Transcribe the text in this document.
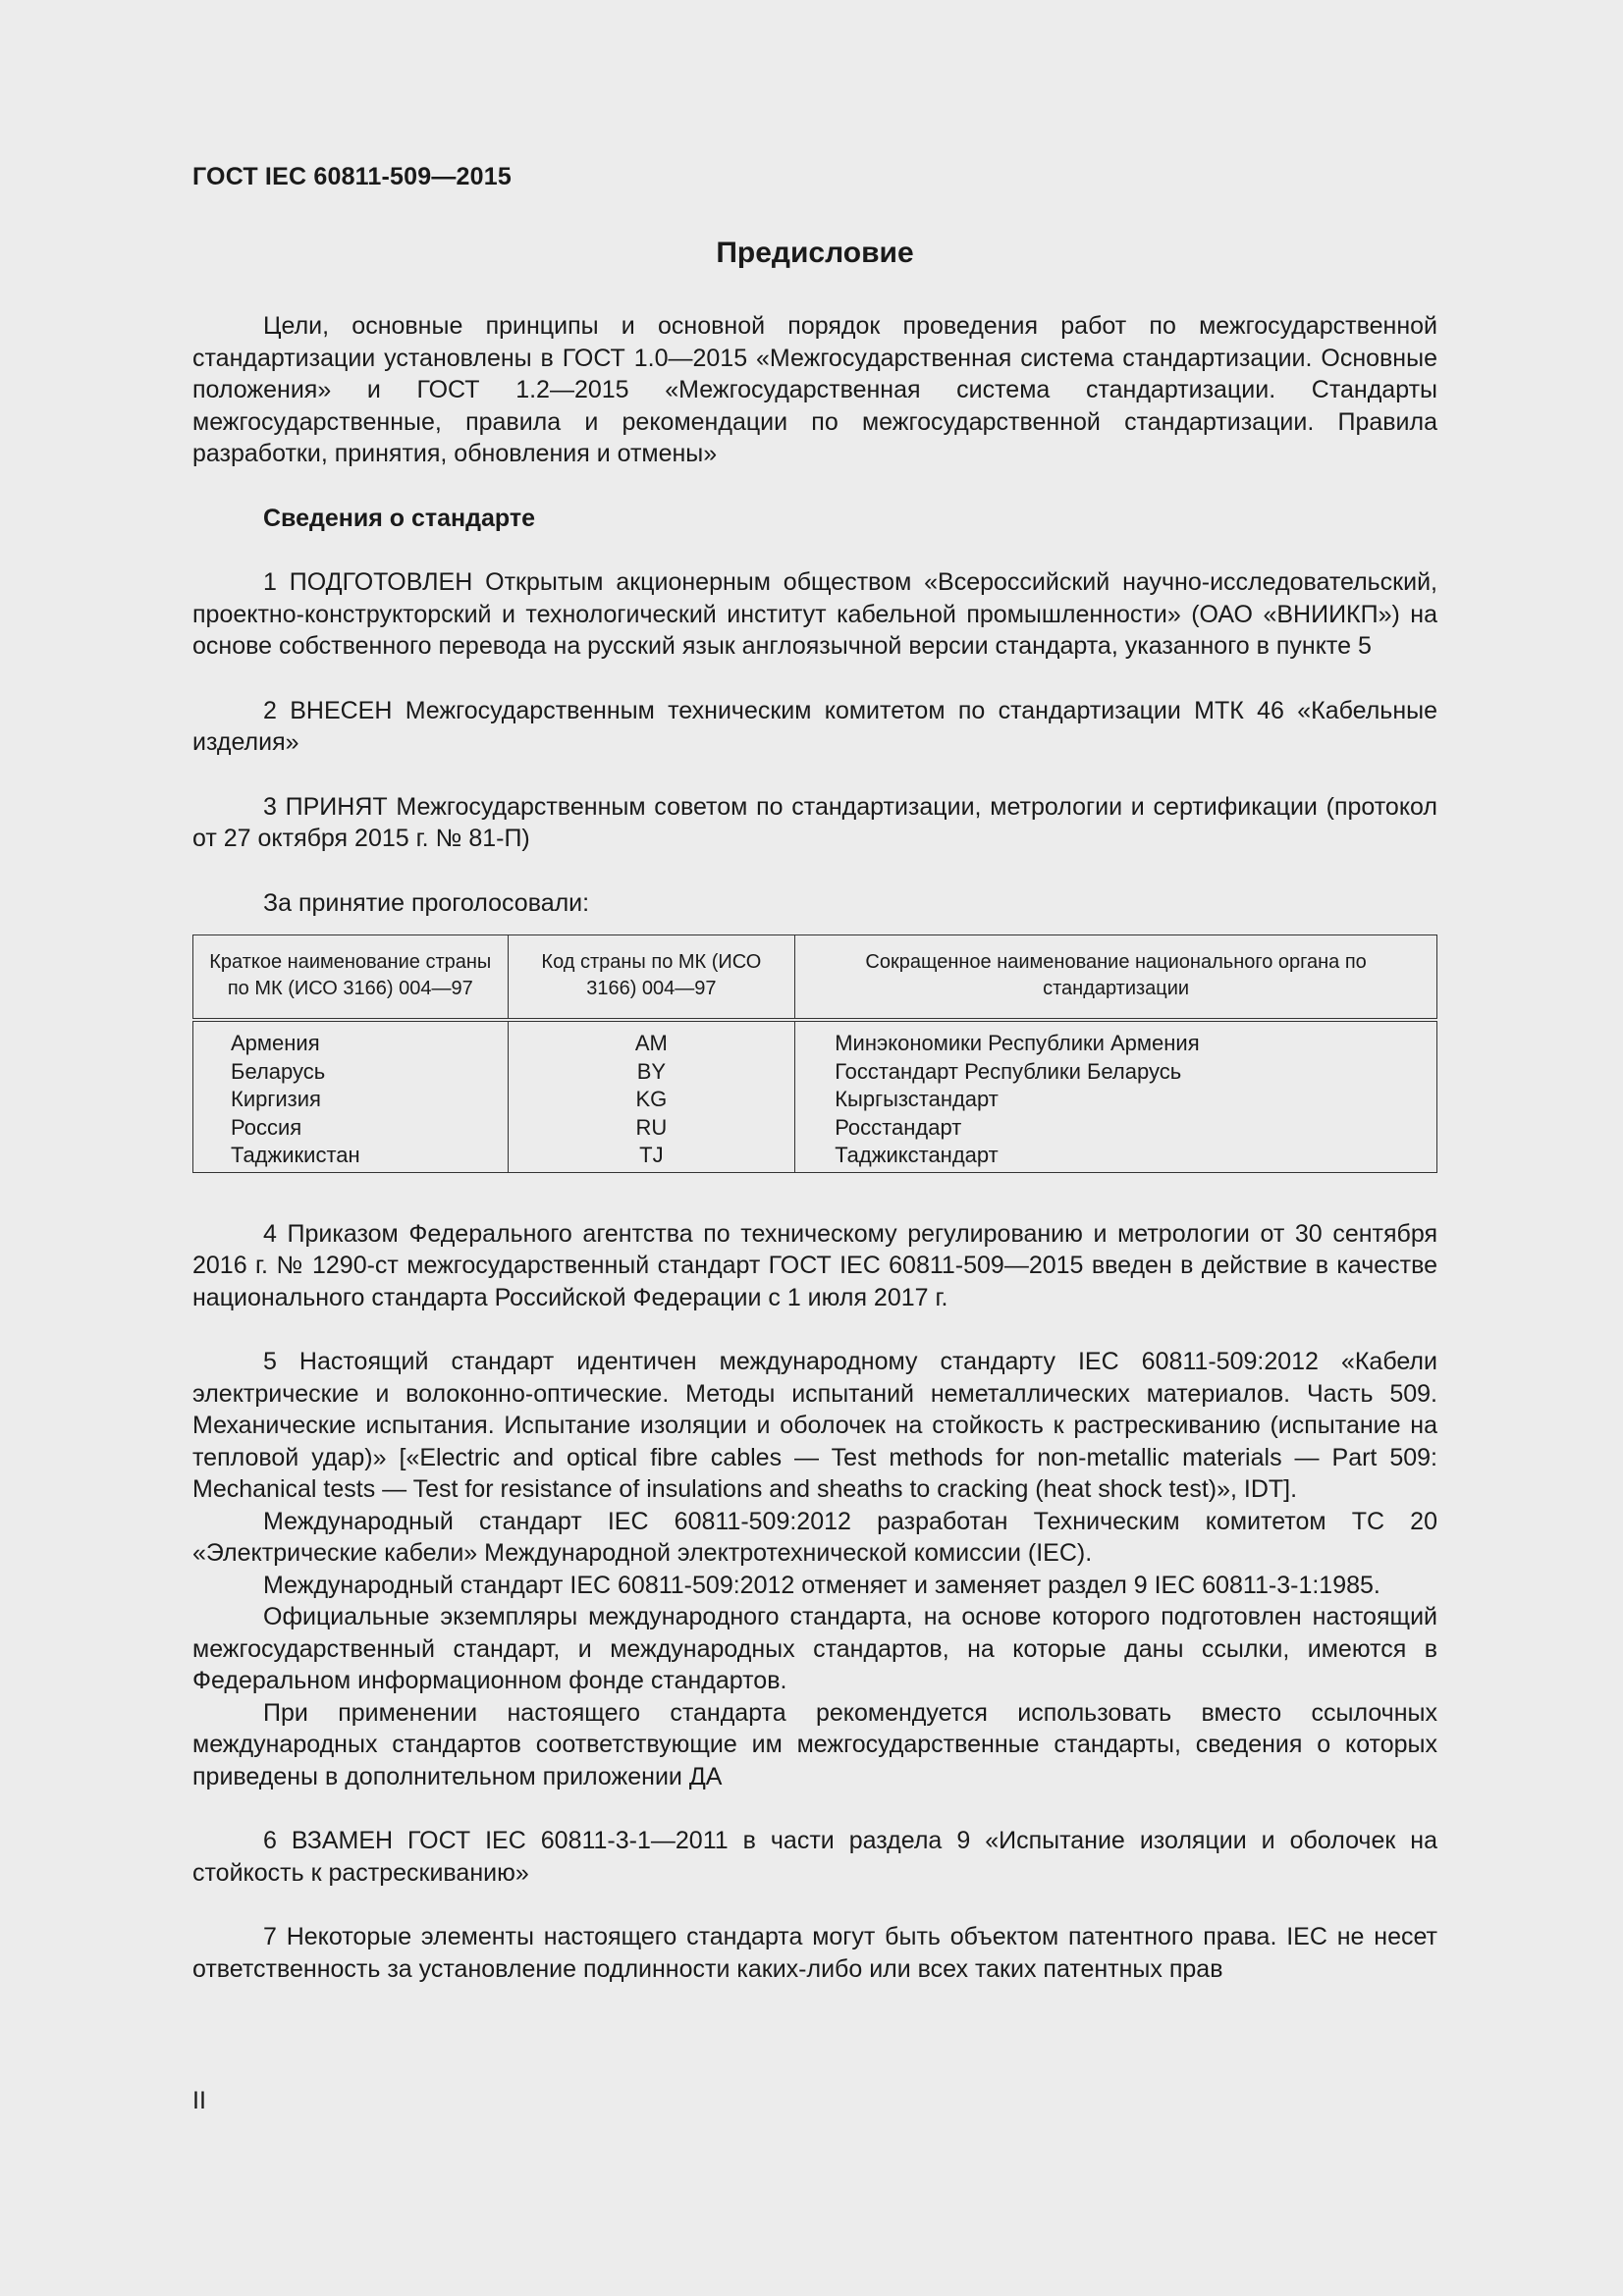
ГОСТ IEC 60811-509—2015
Предисловие

Цели, основные принципы и основной порядок проведения работ по межгосударственной стандартизации установлены в ГОСТ 1.0—2015 «Межгосударственная система стандартизации. Основные положения» и ГОСТ 1.2—2015 «Межгосударственная система стандартизации. Стандарты межгосударственные, правила и рекомендации по межгосударственной стандартизации. Правила разработки, принятия, обновления и отмены»

Сведения о стандарте

1 ПОДГОТОВЛЕН Открытым акционерным обществом «Всероссийский научно-исследовательский, проектно-конструкторский и технологический институт кабельной промышленности» (ОАО «ВНИИКП») на основе собственного перевода на русский язык англоязычной версии стандарта, указанного в пункте 5

2 ВНЕСЕН Межгосударственным техническим комитетом по стандартизации МТК 46 «Кабельные изделия»

3 ПРИНЯТ Межгосударственным советом по стандартизации, метрологии и сертификации (протокол от 27 октября 2015 г. № 81-П)

За принятие проголосовали:

Краткое наименование страны по МК (ИСО 3166) 004—97	Код страны по МК (ИСО 3166) 004—97	Сокращенное наименование национального органа по стандартизации
Армения	AM	Минэкономики Республики Армения
Беларусь	BY	Госстандарт Республики Беларусь
Киргизия	KG	Кыргызстандарт
Россия	RU	Росстандарт
Таджикистан	TJ	Таджикстандарт

4 Приказом Федерального агентства по техническому регулированию и метрологии от 30 сентября 2016 г. № 1290-ст межгосударственный стандарт ГОСТ IEC 60811-509—2015 введен в действие в качестве национального стандарта Российской Федерации с 1 июля 2017 г.

5 Настоящий стандарт идентичен международному стандарту IEC 60811-509:2012 «Кабели электрические и волоконно-оптические. Методы испытаний неметаллических материалов. Часть 509. Механические испытания. Испытание изоляции и оболочек на стойкость к растрескиванию (испытание на тепловой удар)» [«Electric and optical fibre cables — Test methods for non-metallic materials — Part 509: Mechanical tests — Test for resistance of insulations and sheaths to cracking (heat shock test)», IDT].

Международный стандарт IEC 60811-509:2012 разработан Техническим комитетом TC 20 «Электрические кабели» Международной электротехнической комиссии (IEC).

Международный стандарт IEC 60811-509:2012 отменяет и заменяет раздел 9 IEC 60811-3-1:1985.

Официальные экземпляры международного стандарта, на основе которого подготовлен настоящий межгосударственный стандарт, и международных стандартов, на которые даны ссылки, имеются в Федеральном информационном фонде стандартов.

При применении настоящего стандарта рекомендуется использовать вместо ссылочных международных стандартов соответствующие им межгосударственные стандарты, сведения о которых приведены в дополнительном приложении ДА

6 ВЗАМЕН ГОСТ IEC 60811-3-1—2011 в части раздела 9 «Испытание изоляции и оболочек на стойкость к растрескиванию»

7 Некоторые элементы настоящего стандарта могут быть объектом патентного права. IEC не несет ответственность за установление подлинности каких-либо или всех таких патентных прав

II
